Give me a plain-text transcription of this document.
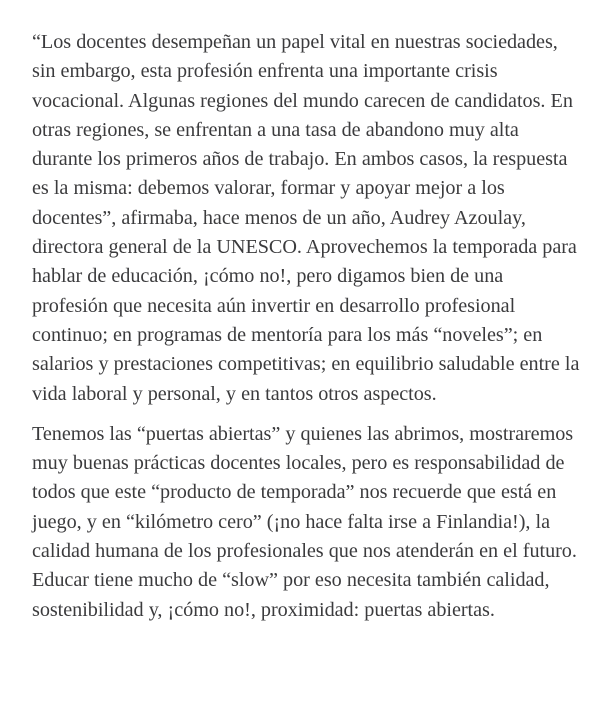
“Los docentes desempeñan un papel vital en nuestras sociedades, sin embargo, esta profesión enfrenta una importante crisis vocacional. Algunas regiones del mundo carecen de candidatos. En otras regiones, se enfrentan a una tasa de abandono muy alta durante los primeros años de trabajo. En ambos casos, la respuesta es la misma: debemos valorar, formar y apoyar mejor a los docentes”, afirmaba, hace menos de un año, Audrey Azoulay, directora general de la UNESCO. Aprovechemos la temporada para hablar de educación, ¡cómo no!, pero digamos bien de una profesión que necesita aún invertir en desarrollo profesional continuo; en programas de mentoría para los más “noveles”; en salarios y prestaciones competitivas; en equilibrio saludable entre la vida laboral y personal, y en tantos otros aspectos.

Tenemos las “puertas abiertas” y quienes las abrimos, mostraremos muy buenas prácticas docentes locales, pero es responsabilidad de todos que este “producto de temporada” nos recuerde que está en juego, y en “kilómetro cero” (¡no hace falta irse a Finlandia!), la calidad humana de los profesionales que nos atenderán en el futuro. Educar tiene mucho de “slow” por eso necesita también calidad, sostenibilidad y, ¡cómo no!, proximidad: puertas abiertas.
